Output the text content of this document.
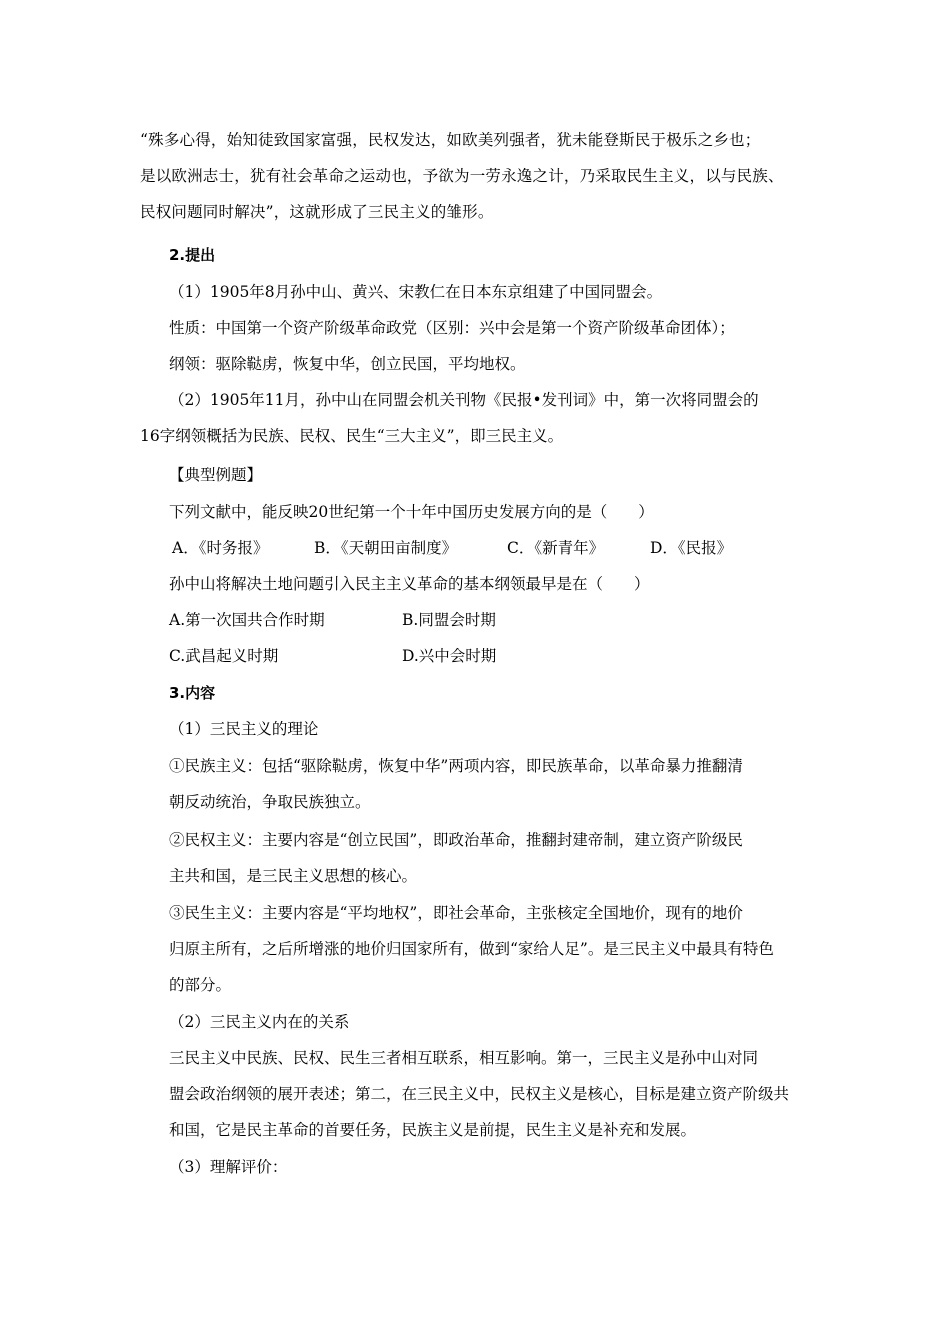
“殊多心得，始知徒致国家富强，民权发达，如欧美列强者，犹未能登斯民于极乐之乡也；
是以欧洲志士，犹有社会革命之运动也，予欲为一劳永逸之计，乃采取民生主义，以与民族、
民权问题同时解决”，这就形成了三民主义的雏形。
2.提出
（1）1905年8月孙中山、黄兴、宋教仁在日本东京组建了中国同盟会。
性质：中国第一个资产阶级革命政党（区别：兴中会是第一个资产阶级革命团体）；
纲领：驱除鞑虏，恢复中华，创立民国，平均地权。
（2）1905年11月，孙中山在同盟会机关刊物《民报•发刊词》中，第一次将同盟会的
16字纲领概括为民族、民权、民生“三大主义”，即三民主义。
【典型例题】
下列文献中，能反映20世纪第一个十年中国历史发展方向的是（　　）
A．《时务报》	B．《天朝田亩制度》	C．《新青年》	D．《民报》
孙中山将解决土地问题引入民主主义革命的基本纲领最早是在（　　）
A.第一次国共合作时期	B.同盟会时期
C.武昌起义时期	D.兴中会时期
3.内容
（1）三民主义的理论
①民族主义：包括“驱除鞑虏，恢复中华”两项内容，即民族革命，以革命暴力推翻清
朝反动统治，争取民族独立。
②民权主义：主要内容是“创立民国”，即政治革命，推翻封建帝制，建立资产阶级民
主共和国，是三民主义思想的核心。
③民生主义：主要内容是“平均地权”，即社会革命，主张核定全国地价，现有的地价
归原主所有，之后所增涨的地价归国家所有，做到“家给人足”。是三民主义中最具有特色
的部分。
（2）三民主义内在的关系
三民主义中民族、民权、民生三者相互联系，相互影响。第一，三民主义是孙中山对同
盟会政治纲领的展开表述；第二，在三民主义中，民权主义是核心，目标是建立资产阶级共
和国，它是民主革命的首要任务，民族主义是前提，民生主义是补充和发展。
（3）理解评价：
